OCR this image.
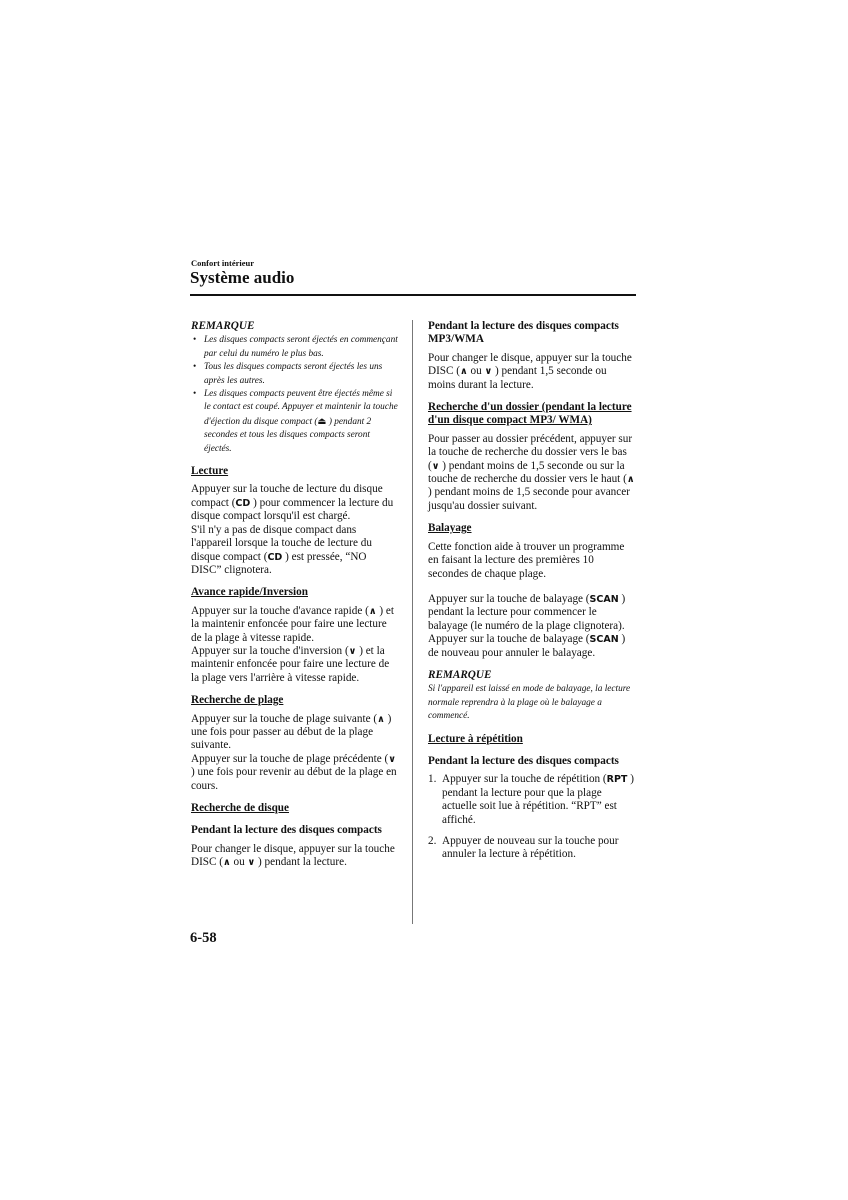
Confort intérieur
Système audio
REMARQUE
• Les disques compacts seront éjectés en commençant par celui du numéro le plus bas.
• Tous les disques compacts seront éjectés les uns après les autres.
• Les disques compacts peuvent être éjectés même si le contact est coupé. Appuyer et maintenir la touche d'éjection du disque compact (⏏ ) pendant 2 secondes et tous les disques compacts seront éjectés.
Lecture

Appuyer sur la touche de lecture du disque compact (CD ) pour commencer la lecture du disque compact lorsqu'il est chargé.

S'il n'y a pas de disque compact dans l'appareil lorsque la touche de lecture du disque compact (CD ) est pressée, “NO DISC” clignotera.

Avance rapide/Inversion

Appuyer sur la touche d'avance rapide (∧ ) et la maintenir enfoncée pour faire une lecture de la plage à vitesse rapide.

Appuyer sur la touche d'inversion (∨ ) et la maintenir enfoncée pour faire une lecture de la plage vers l'arrière à vitesse rapide.

Recherche de plage

Appuyer sur la touche de plage suivante (∧ ) une fois pour passer au début de la plage suivante.

Appuyer sur la touche de plage précédente (∨ ) une fois pour revenir au début de la plage en cours.

Recherche de disque
Pendant la lecture des disques compacts

Pour changer le disque, appuyer sur la touche DISC (∧ ou ∨ ) pendant la lecture.

Pendant la lecture des disques compacts MP3/WMA

Pour changer le disque, appuyer sur la touche DISC (∧ ou ∨ ) pendant 1,5 seconde ou moins durant la lecture.

Recherche d'un dossier (pendant la lecture d'un disque compact MP3/ WMA)

Pour passer au dossier précédent, appuyer sur la touche de recherche du dossier vers le bas (∨ ) pendant moins de 1,5 seconde ou sur la touche de recherche du dossier vers le haut (∧ ) pendant moins de 1,5 seconde pour avancer jusqu'au dossier suivant.

Balayage

Cette fonction aide à trouver un programme en faisant la lecture des premières 10 secondes de chaque plage.

Appuyer sur la touche de balayage (SCAN ) pendant la lecture pour commencer le balayage (le numéro de la plage clignotera).

Appuyer sur la touche de balayage (SCAN ) de nouveau pour annuler le balayage.

REMARQUE

Si l'appareil est laissé en mode de balayage, la lecture normale reprendra à la plage où le balayage a commencé.

Lecture à répétition
Pendant la lecture des disques compacts
1. Appuyer sur la touche de répétition (RPT ) pendant la lecture pour que la plage actuelle soit lue à répétition. “RPT” est affiché.
2. Appuyer de nouveau sur la touche pour annuler la lecture à répétition.
6-58
